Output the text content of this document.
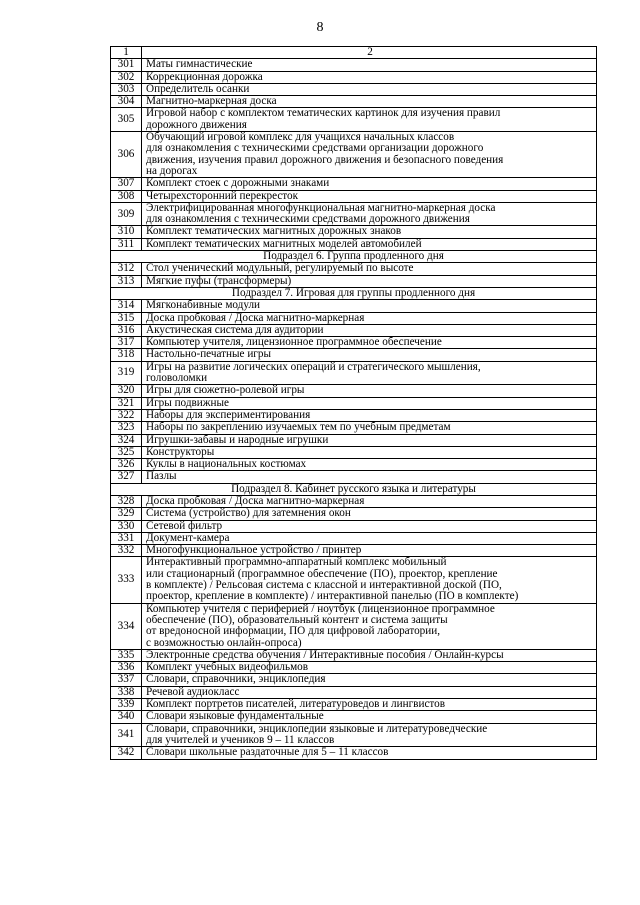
8
1	2
301	Маты гимнастические

302	Коррекционная дорожка

303	Определитель осанки

304	Магнитно-маркерная доска

305	Игровой набор с комплектом тематических картинок для изучения правил
дорожного движения

306	Обучающий игровой комплекс для учащихся начальных классов
для ознакомления с техническими средствами организации дорожного
движения, изучения правил дорожного движения и безопасного поведения
на дорогах

307	Комплект стоек с дорожными знаками

308	Четырехсторонний перекресток

309	Электрифицированная многофункциональная магнитно-маркерная доска
для ознакомления с техническими средствами дорожного движения

310	Комплект тематических магнитных дорожных знаков

311	Комплект тематических магнитных моделей автомобилей

Подраздел 6. Группа продленного дня	
312	Стол ученический модульный, регулируемый по высоте

313	Мягкие пуфы (трансформеры)

Подраздел 7. Игровая для группы продленного дня	
314	Мягконабивные модули

315	Доска пробковая / Доска магнитно-маркерная

316	Акустическая система для аудитории

317	Компьютер учителя, лицензионное программное обеспечение

318	Настольно-печатные игры

319	Игры на развитие логических операций и стратегического мышления,
головоломки

320	Игры для сюжетно-ролевой игры

321	Игры подвижные

322	Наборы для экспериментирования

323	Наборы по закреплению изучаемых тем по учебным предметам

324	Игрушки-забавы и народные игрушки

325	Конструкторы

326	Куклы в национальных костюмах

327	Пазлы

Подраздел 8. Кабинет русского языка и литературы	
328	Доска пробковая / Доска магнитно-маркерная

329	Система (устройство) для затемнения окон

330	Сетевой фильтр

331	Документ-камера

332	Многофункциональное устройство / принтер

333	Интерактивный программно-аппаратный комплекс мобильный
или стационарный (программное обеспечение (ПО), проектор, крепление
в комплекте) / Рельсовая система с классной и интерактивной доской (ПО,
проектор, крепление в комплекте) / интерактивной панелью (ПО в комплекте)

334	Компьютер учителя с периферией / ноутбук (лицензионное программное
обеспечение (ПО), образовательный контент и система защиты
от вредоносной информации, ПО для цифровой лаборатории,
с возможностью онлайн-опроса)

335	Электронные средства обучения / Интерактивные пособия / Онлайн-курсы

336	Комплект учебных видеофильмов

337	Словари, справочники, энциклопедия

338	Речевой аудиокласс

339	Комплект портретов писателей, литературоведов и лингвистов

340	Словари языковые фундаментальные

341	Словари, справочники, энциклопедии языковые и литературоведческие
для учителей и учеников 9 – 11 классов

342	Словари школьные раздаточные для 5 – 11 классов
